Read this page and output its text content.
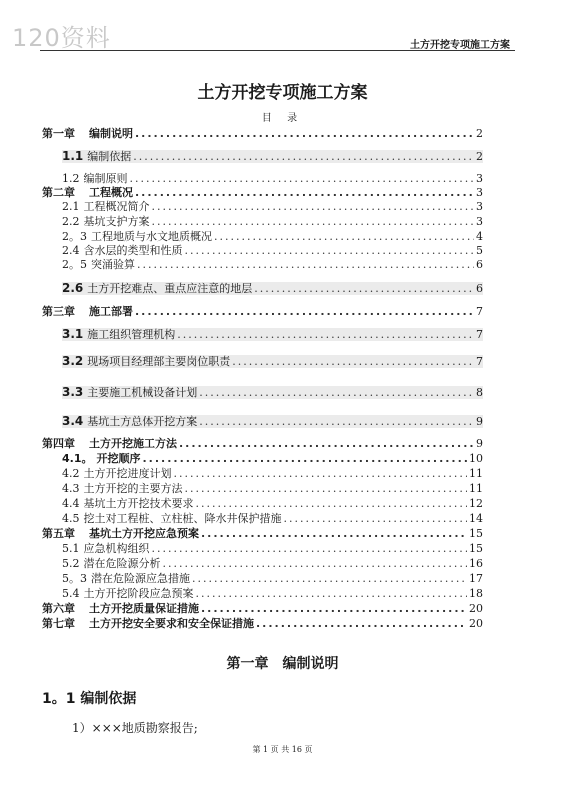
120资料	土方开挖专项施工方案
土方开挖专项施工方案
目 录
第一章 编制说明 .....	2
1.1 编制依据 .....	2
1.2 编制原则 .....	3
第二章 工程概况 .....	3
2.1 工程概况简介 .....	3
2.2 基坑支护方案 .....	3
2。3 工程地质与水文地质概况 .....	4
2.4 含水层的类型和性质 .....	5
2。5 突涌验算 .....	6
2.6 土方开挖难点、重点应注意的地层 .....	6
第三章 施工部署 .....	7
3.1 施工组织管理机构 .....	7
3.2 现场项目经理部主要岗位职责 .....	7
3.3 主要施工机械设备计划 .....	8
3.4 基坑土方总体开挖方案 .....	9
第四章 土方开挖施工方法 .....	9
4.1。 开挖顺序 .....	10
4.2 土方开挖进度计划 .....	11
4.3 土方开挖的主要方法 .....	11
4.4 基坑土方开挖技术要求 .....	12
4.5 挖土对工程桩、立柱桩、降水井保护措施 .....	14
第五章 基坑土方开挖应急预案 .....	15
5.1 应急机构组织 .....	15
5.2 潜在危险源分析 .....	16
5。3 潜在危险源应急措施 .....	17
5.4 土方开挖阶段应急预案 .....	18
第六章 土方开挖质量保证措施 .....	20
第七章 土方开挖安全要求和安全保证措施 .....	20
第一章　编制说明
1。1 编制依据
1）×××地质勘察报告;
第 1 页 共 16 页
